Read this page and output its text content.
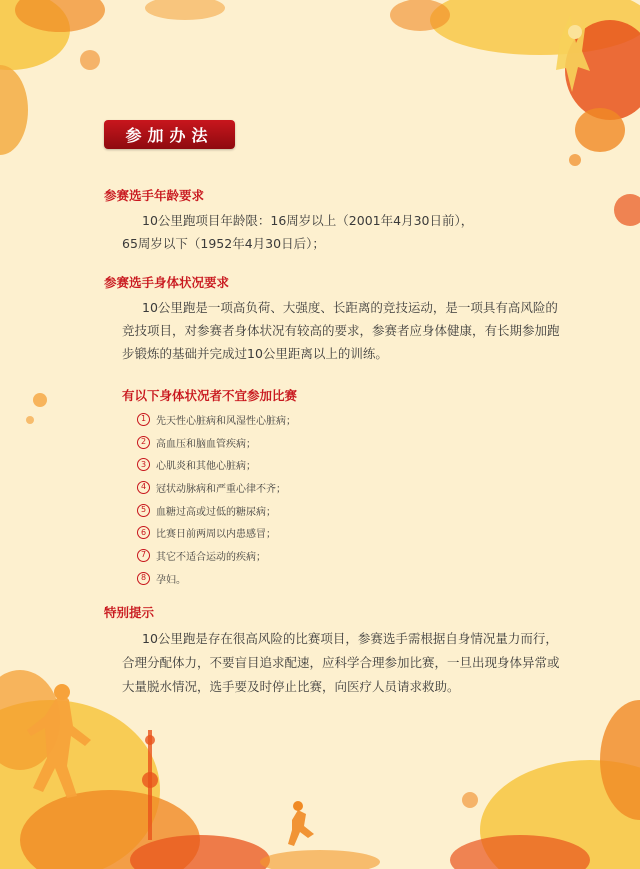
参加办法
参赛选手年龄要求
10公里跑项目年龄限：16周岁以上（2001年4月30日前），
65周岁以下（1952年4月30日后）；
参赛选手身体状况要求
10公里跑是一项高负荷、大强度、长距离的竞技运动，是一项具有高风险的
竞技项目，对参赛者身体状况有较高的要求，参赛者应身体健康，有长期参加跑
步锻炼的基础并完成过10公里距离以上的训练。
有以下身体状况者不宜参加比赛
1 先天性心脏病和风湿性心脏病；
2 高血压和脑血管疾病；
3 心肌炎和其他心脏病；
4 冠状动脉病和严重心律不齐；
5 血糖过高或过低的糖尿病；
6 比赛日前两周以内患感冒；
7 其它不适合运动的疾病；
8 孕妇。
特别提示
10公里跑是存在很高风险的比赛项目，参赛选手需根据自身情况量力而行，
合理分配体力，不要盲目追求配速，应科学合理参加比赛，一旦出现身体异常或
大量脱水情况，选手要及时停止比赛，向医疗人员请求救助。
